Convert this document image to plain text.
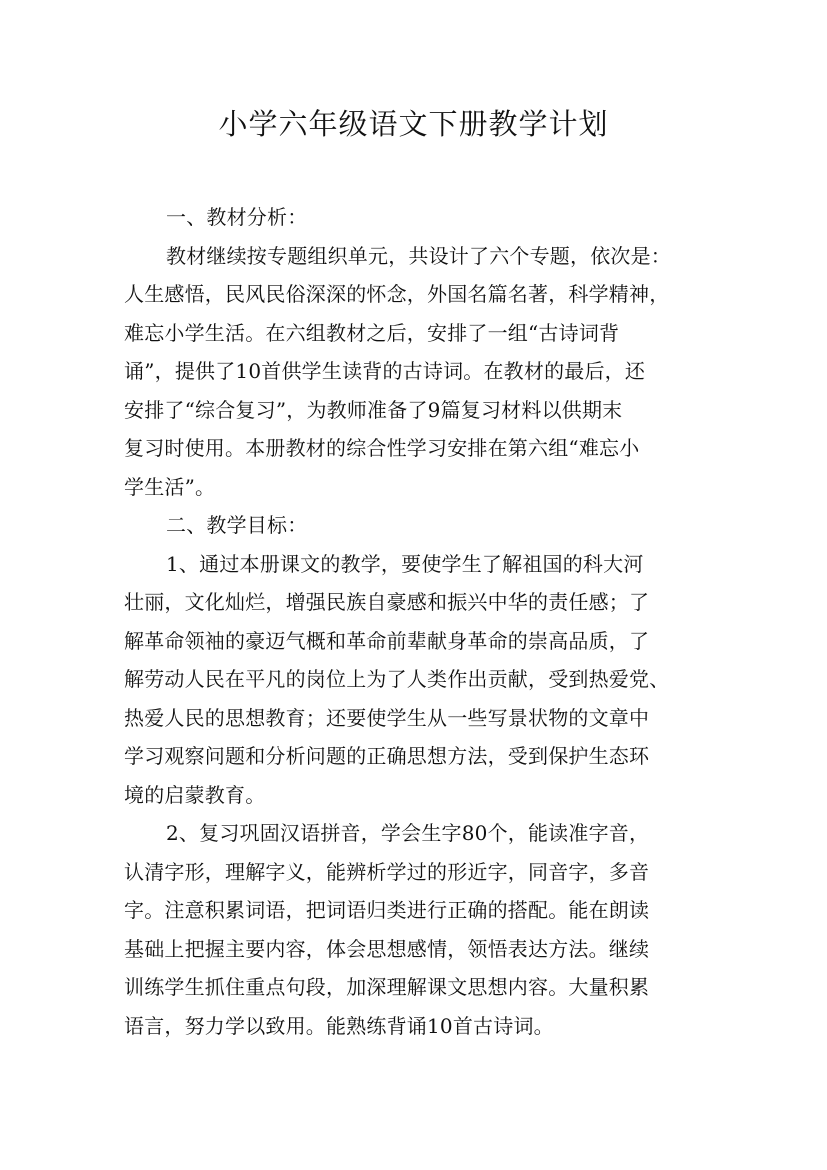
小学六年级语文下册教学计划
一、教材分析：
教材继续按专题组织单元，共设计了六个专题，依次是：
人生感悟，民风民俗深深的怀念，外国名篇名著，科学精神，
难忘小学生活。在六组教材之后，安排了一组“古诗词背
诵”，提供了10首供学生读背的古诗词。在教材的最后，还
安排了“综合复习”，为教师准备了9篇复习材料以供期末
复习时使用。本册教材的综合性学习安排在第六组“难忘小
学生活”。
二、教学目标：
1、通过本册课文的教学，要使学生了解祖国的科大河
壮丽，文化灿烂，增强民族自豪感和振兴中华的责任感；了
解革命领袖的豪迈气概和革命前辈献身革命的崇高品质，了
解劳动人民在平凡的岗位上为了人类作出贡献，受到热爱党、
热爱人民的思想教育；还要使学生从一些写景状物的文章中
学习观察问题和分析问题的正确思想方法，受到保护生态环
境的启蒙教育。
2、复习巩固汉语拼音，学会生字80个，能读准字音，
认清字形，理解字义，能辨析学过的形近字，同音字，多音
字。注意积累词语，把词语归类进行正确的搭配。能在朗读
基础上把握主要内容，体会思想感情，领悟表达方法。继续
训练学生抓住重点句段，加深理解课文思想内容。大量积累
语言，努力学以致用。能熟练背诵10首古诗词。
